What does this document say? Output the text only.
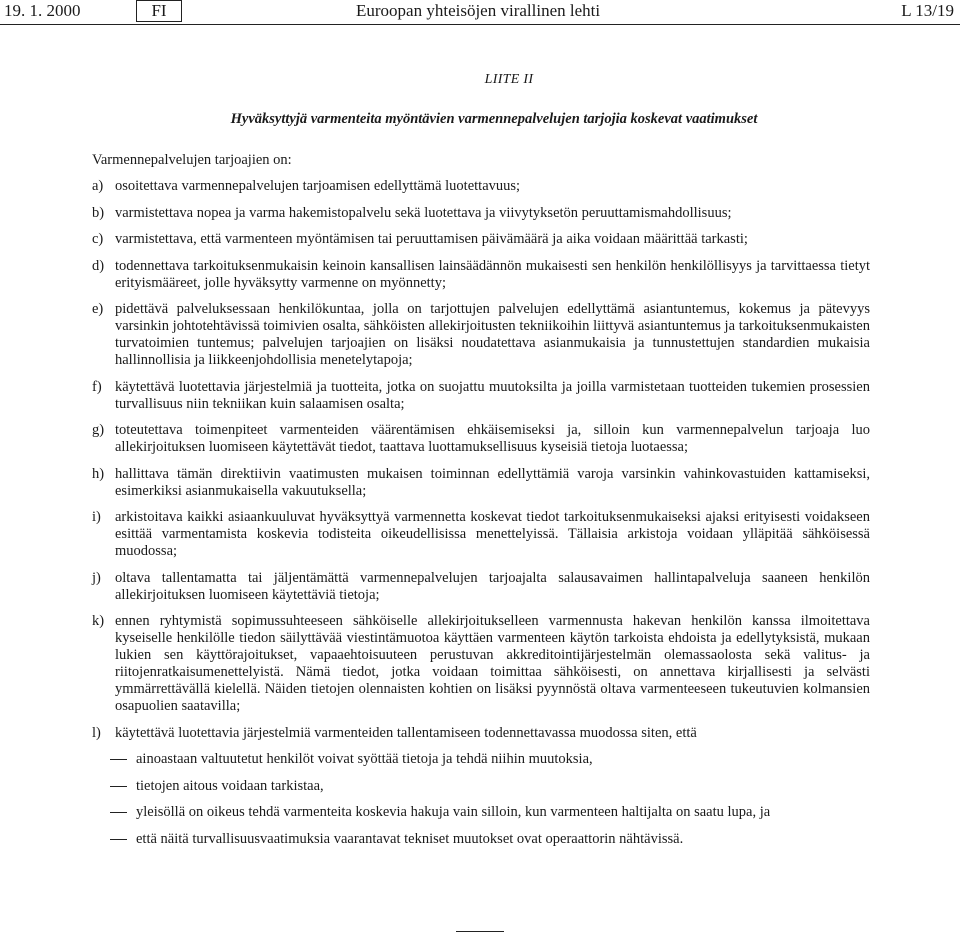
19. 1. 2000	FI	Euroopan yhteisöjen virallinen lehti	L 13/19
LIITE II
Hyväksyttyjä varmenteita myöntävien varmennepalvelujen tarjojia koskevat vaatimukset
Varmennepalvelujen tarjoajien on:
a) osoitettava varmennepalvelujen tarjoamisen edellyttämä luotettavuus;
b) varmistettava nopea ja varma hakemistopalvelu sekä luotettava ja viivytyksetön peruuttamismahdollisuus;
c) varmistettava, että varmenteen myöntämisen tai peruuttamisen päivämäärä ja aika voidaan määrittää tarkasti;
d) todennettava tarkoituksenmukaisin keinoin kansallisen lainsäädännön mukaisesti sen henkilön henkilöllisyys ja tarvittaessa tietyt erityismääreet, jolle hyväksytty varmenne on myönnetty;
e) pidettävä palveluksessaan henkilökuntaa, jolla on tarjottujen palvelujen edellyttämä asiantuntemus, kokemus ja pätevyys varsinkin johtotehtävissä toimivien osalta, sähköisten allekirjoitusten tekniikoihin liittyvä asiantuntemus ja tarkoituksenmukaisten turvatoimien tuntemus; palvelujen tarjoajien on lisäksi noudatettava asianmukaisia ja tunnustettujen standardien mukaisia hallinnollisia ja liikkeenjohdollisia menetelytapoja;
f) käytettävä luotettavia järjestelmiä ja tuotteita, jotka on suojattu muutoksilta ja joilla varmistetaan tuotteiden tukemien prosessien turvallisuus niin tekniikan kuin salaamisen osalta;
g) toteutettava toimenpiteet varmenteiden väärentämisen ehkäisemiseksi ja, silloin kun varmennepalvelun tarjoaja luo allekirjoituksen luomiseen käytettävät tiedot, taattava luottamuksellisuus kyseisiä tietoja luotaessa;
h) hallittava tämän direktiivin vaatimusten mukaisen toiminnan edellyttämiä varoja varsinkin vahinkovastuiden kattamiseksi, esimerkiksi asianmukaisella vakuutuksella;
i) arkistoitava kaikki asiaankuuluvat hyväksyttyä varmennetta koskevat tiedot tarkoituksenmukaiseksi ajaksi erityisesti voidakseen esittää varmentamista koskevia todisteita oikeudellisissa menettelyissä. Tällaisia arkistoja voidaan ylläpitää sähköisessä muodossa;
j) oltava tallentamatta tai jäljentämättä varmennepalvelujen tarjoajalta salausavaimen hallintapalveluja saaneen henkilön allekirjoituksen luomiseen käytettäviä tietoja;
k) ennen ryhtymistä sopimussuhteeseen sähköiselle allekirjoitukselleen varmennusta hakevan henkilön kanssa ilmoitettava kyseiselle henkilölle tiedon säilyttävää viestintämuotoa käyttäen varmenteen käytön tarkoista ehdoista ja edellytyksistä, mukaan lukien sen käyttörajoitukset, vapaaehtoisuuteen perustuvan akkreditointijärjestelmän olemassaolosta sekä valitus- ja riitojenratkaisumenettelyistä. Nämä tiedot, jotka voidaan toimittaa sähköisesti, on annettava kirjallisesti ja selvästi ymmärrettävällä kielellä. Näiden tietojen olennaisten kohtien on lisäksi pyynnöstä oltava varmenteeseen tukeutuvien kolmansien osapuolien saatavilla;
l) käytettävä luotettavia järjestelmiä varmenteiden tallentamiseen todennettavassa muodossa siten, että
ainoastaan valtuutetut henkilöt voivat syöttää tietoja ja tehdä niihin muutoksia,
tietojen aitous voidaan tarkistaa,
yleisöllä on oikeus tehdä varmenteita koskevia hakuja vain silloin, kun varmenteen haltijalta on saatu lupa, ja
että näitä turvallisuusvaatimuksia vaarantavat tekniset muutokset ovat operaattorin nähtävissä.
